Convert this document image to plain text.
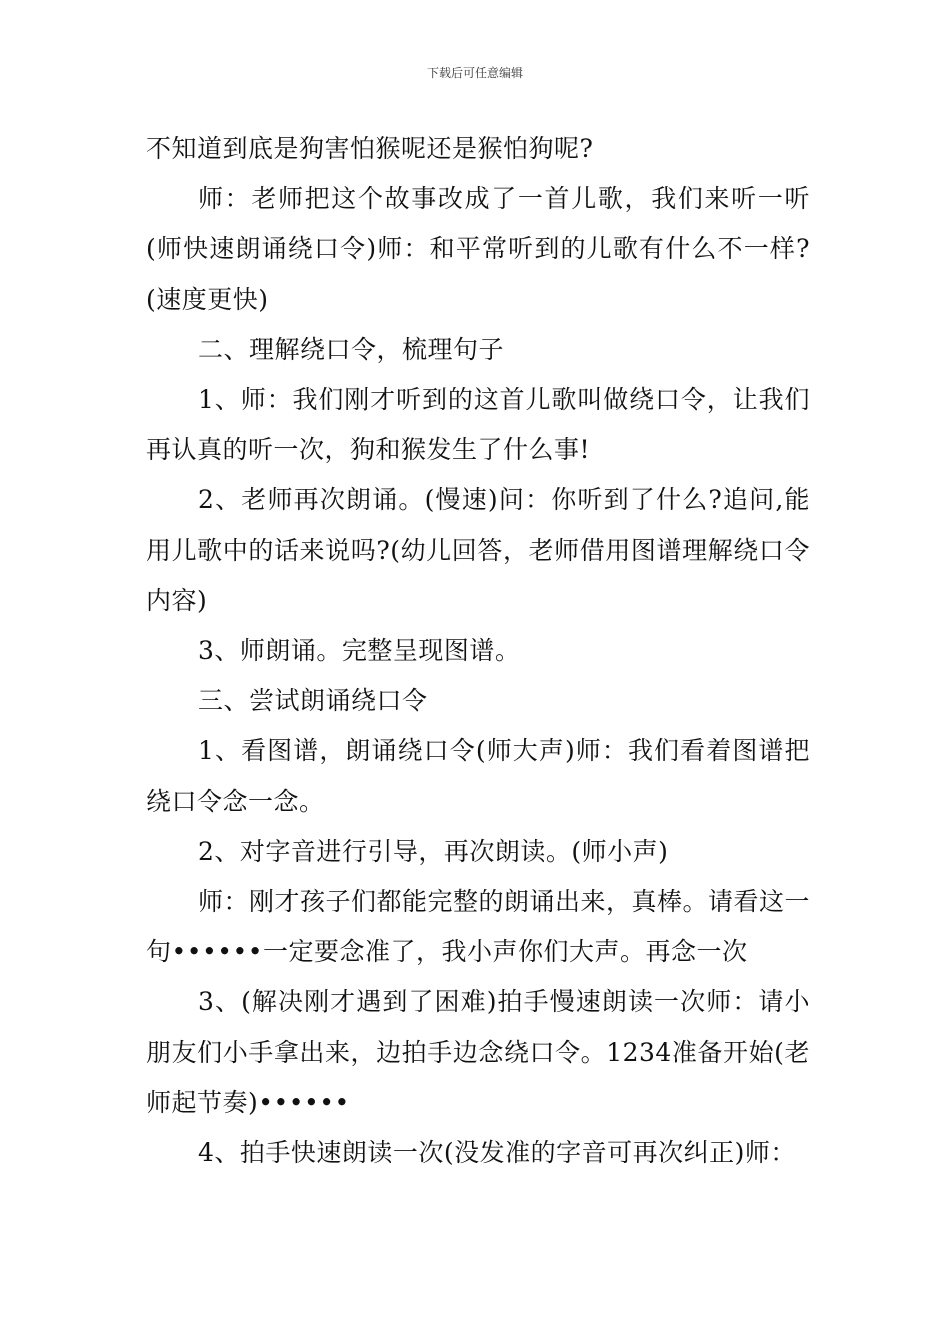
下载后可任意编辑

不知道到底是狗害怕猴呢还是猴怕狗呢?

师：老师把这个故事改成了一首儿歌，我们来听一听(师快速朗诵绕口令)师：和平常听到的儿歌有什么不一样?(速度更快)

二、理解绕口令，梳理句子

1、师：我们刚才听到的这首儿歌叫做绕口令，让我们再认真的听一次，狗和猴发生了什么事!

2、老师再次朗诵。(慢速)问：你听到了什么?追问,能用儿歌中的话来说吗?(幼儿回答，老师借用图谱理解绕口令内容)

3、师朗诵。完整呈现图谱。

三、尝试朗诵绕口令

1、看图谱，朗诵绕口令(师大声)师：我们看着图谱把绕口令念一念。

2、对字音进行引导，再次朗读。(师小声)

师：刚才孩子们都能完整的朗诵出来，真棒。请看这一句••••••一定要念准了，我小声你们大声。再念一次

3、(解决刚才遇到了困难)拍手慢速朗读一次师：请小朋友们小手拿出来，边拍手边念绕口令。1234准备开始(老师起节奏)••••••

4、拍手快速朗读一次(没发准的字音可再次纠正)师：
